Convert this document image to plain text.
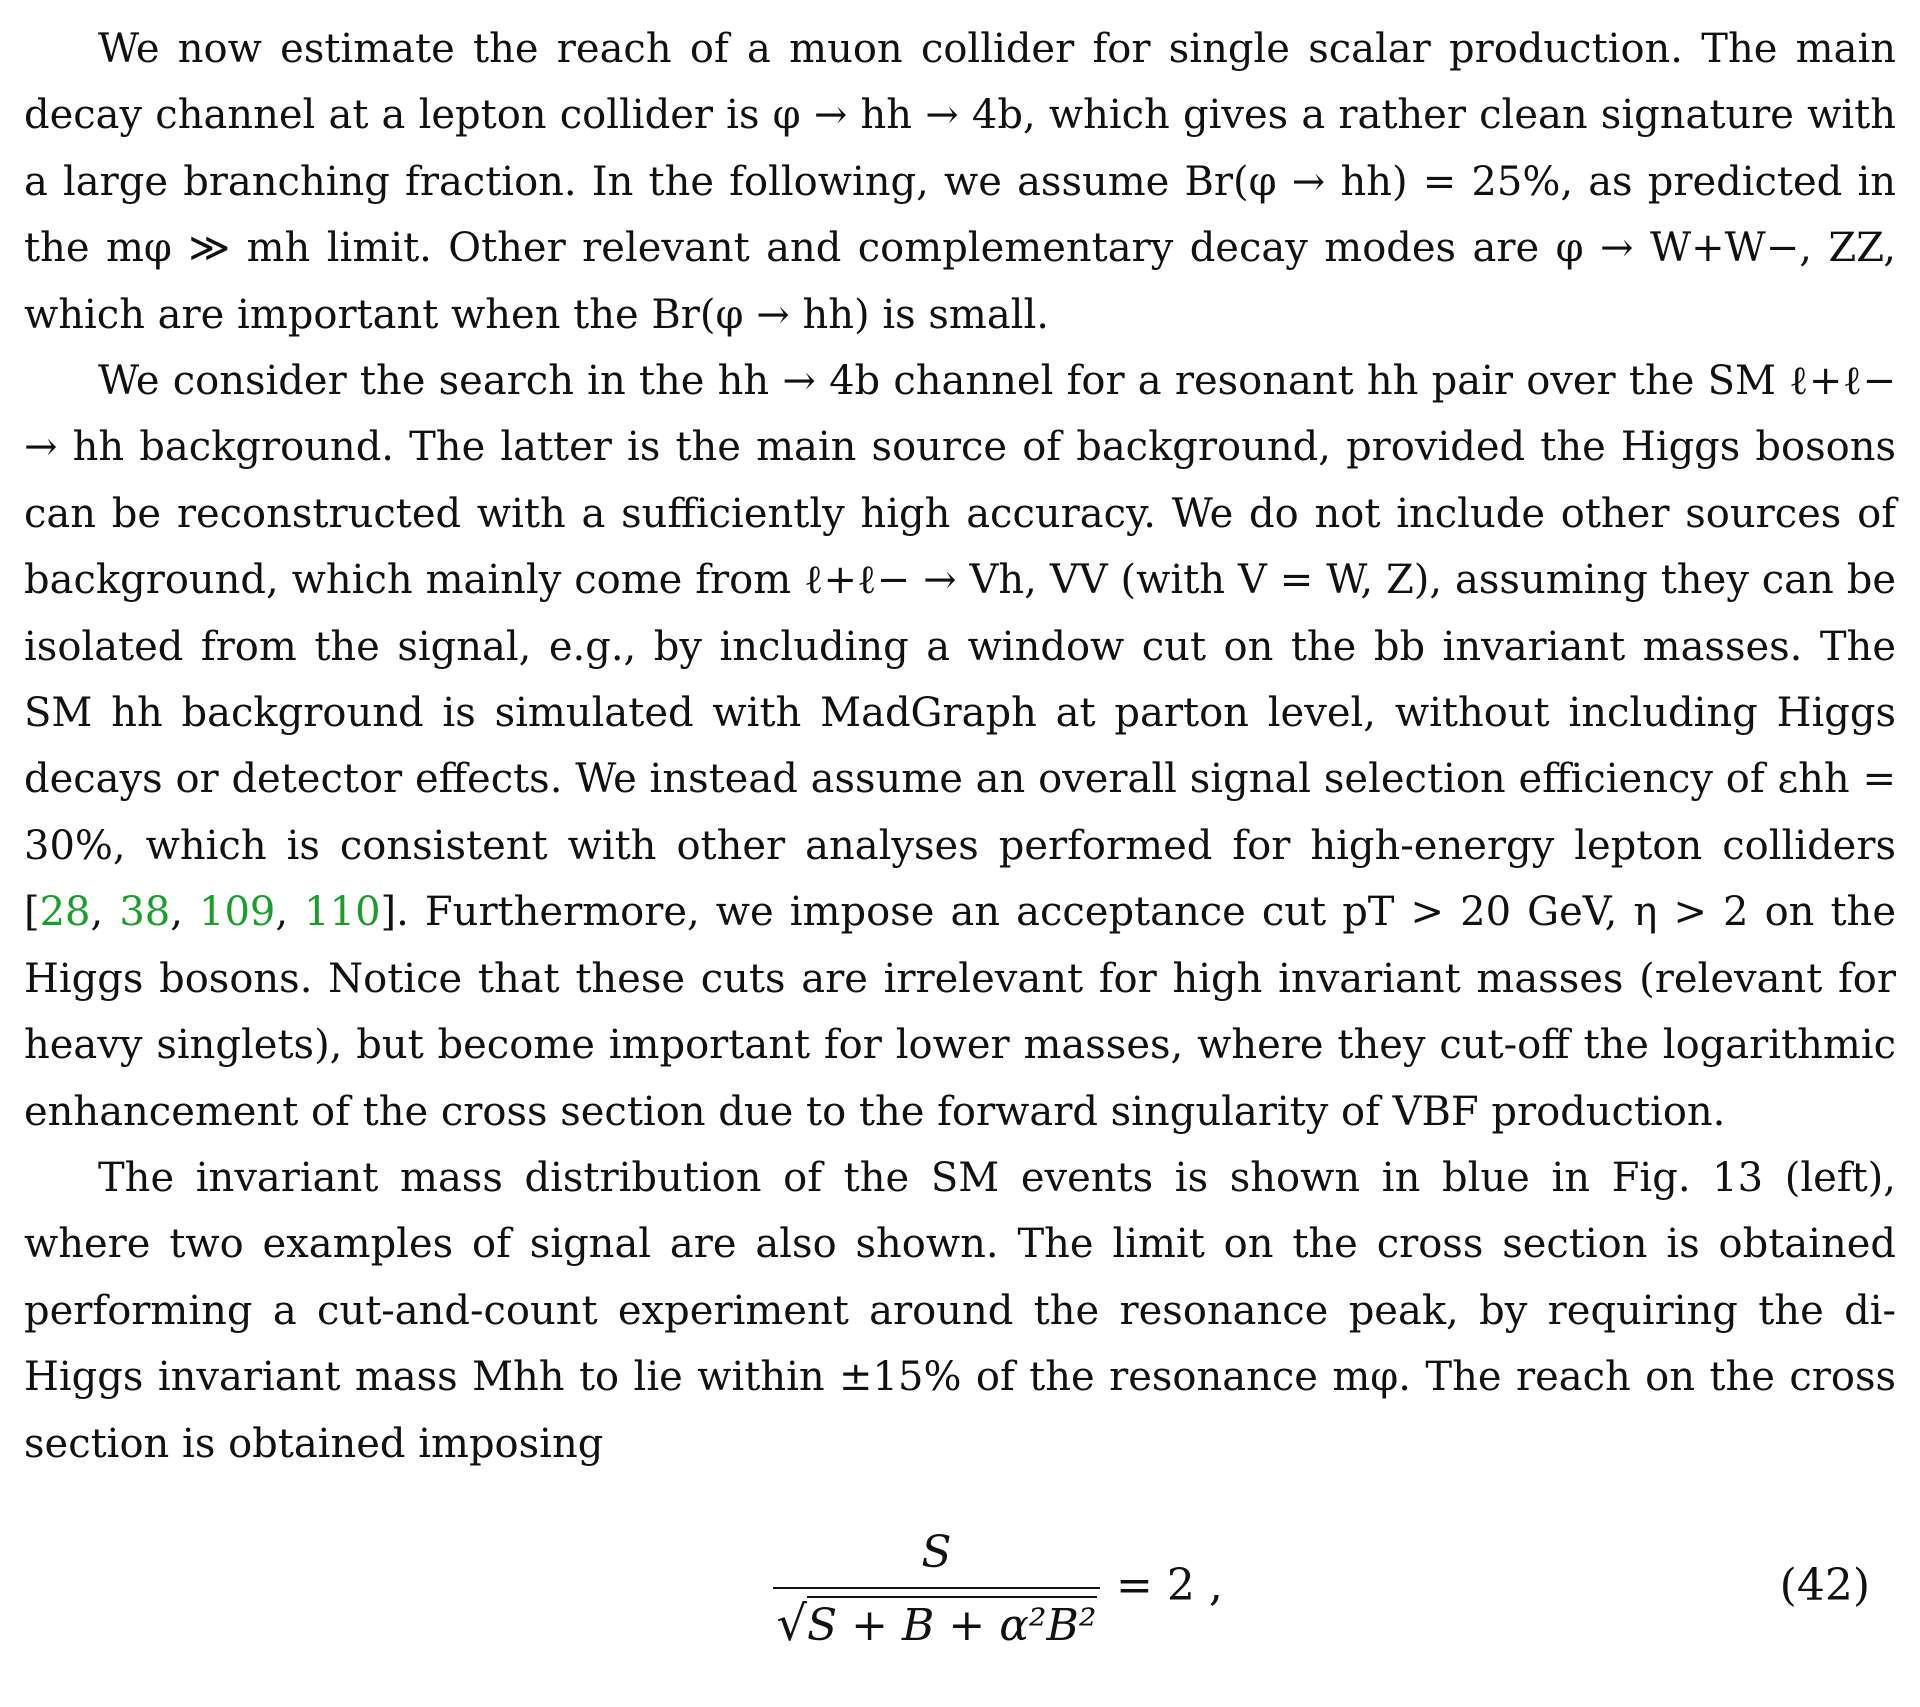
We now estimate the reach of a muon collider for single scalar production. The main decay channel at a lepton collider is φ → hh → 4b, which gives a rather clean signature with a large branching fraction. In the following, we assume Br(φ → hh) = 25%, as predicted in the mφ ≫ mh limit. Other relevant and complementary decay modes are φ → W+W−, ZZ, which are important when the Br(φ → hh) is small.

We consider the search in the hh → 4b channel for a resonant hh pair over the SM ℓ+ℓ− → hh background. The latter is the main source of background, provided the Higgs bosons can be reconstructed with a sufficiently high accuracy. We do not include other sources of background, which mainly come from ℓ+ℓ− → Vh, VV (with V = W, Z), assuming they can be isolated from the signal, e.g., by including a window cut on the bb invariant masses. The SM hh background is simulated with MadGraph at parton level, without including Higgs decays or detector effects. We instead assume an overall signal selection efficiency of εhh = 30%, which is consistent with other analyses performed for high-energy lepton colliders [28, 38, 109, 110]. Furthermore, we impose an acceptance cut pT > 20 GeV, η > 2 on the Higgs bosons. Notice that these cuts are irrelevant for high invariant masses (relevant for heavy singlets), but become important for lower masses, where they cut-off the logarithmic enhancement of the cross section due to the forward singularity of VBF production.

The invariant mass distribution of the SM events is shown in blue in Fig. 13 (left), where two examples of signal are also shown. The limit on the cross section is obtained performing a cut-and-count experiment around the resonance peak, by requiring the di-Higgs invariant mass Mhh to lie within ±15% of the resonance mφ. The reach on the cross section is obtained imposing

S
√S + B + α²B²
= 2 ,	(42)
